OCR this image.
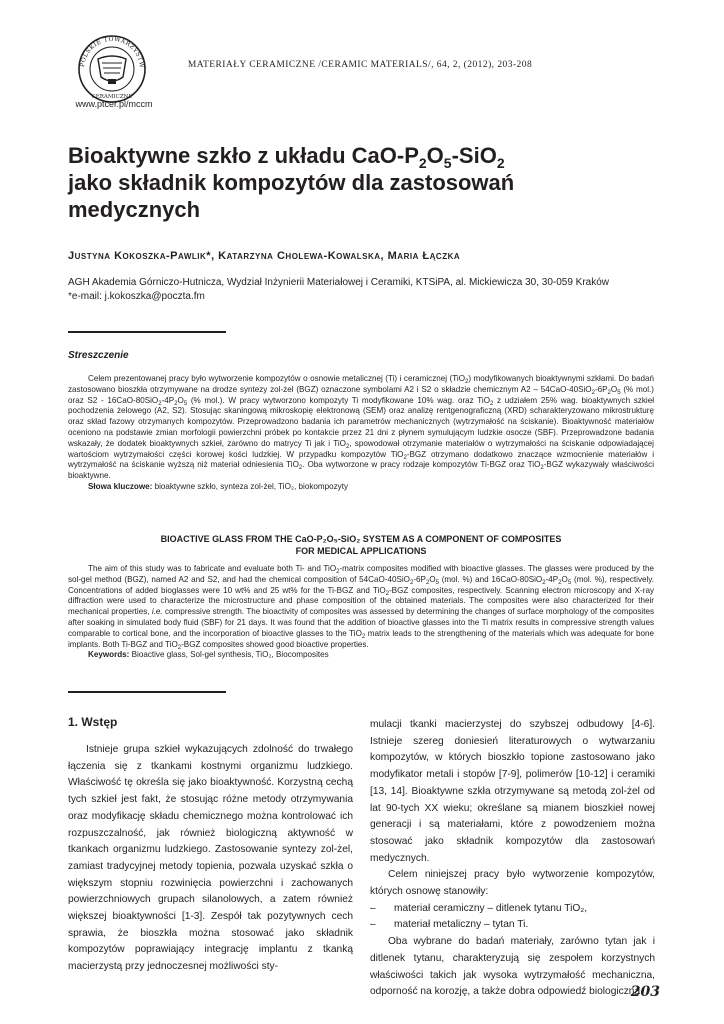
POLSKIE TOWARZYSTW
CERAMICZNE
www.ptcer.pl/mccm
MATERIAŁY CERAMICZNE /CERAMIC MATERIALS/, 64, 2, (2012), 203-208
Bioaktywne szkło z układu CaO-$P_2O_5-SiO_2$
jako składnik kompozytów dla zastosowań
medycznych
Justyna Kokoszka-Pawlik*, Katarzyna Cholewa-Kowalska, Maria Łączka
AGH Akademia Górniczo-Hutnicza, Wydział Inżynierii Materiałowej i Ceramiki, KTSiPA, al. Mickiewicza 30, 30-059 Kraków
*e-mail: j.kokoszka@poczta.fm
Streszczenie

Celem prezentowanej pracy było wytworzenie kompozytów o osnowie metalicznej (Ti) i ceramicznej (TiO$_2$) modyfikowanych bioaktywnymi szkłami. Do badań zastosowano bioszkła otrzymywane na drodze syntezy zol-żel (BGZ) oznaczone symbolami A2 i S2 o składzie chemicznym $A2 - 54CaO-40SiO_2-6P_2O_5$ (% mol.) oraz $S2 - 16CaO-80SiO_2-4P_2O_5$ (% mol.). W pracy wytworzono kompozyty Ti modyfikowane 10% wag. oraz TiO$_2$ z udziałem 25% wag. bioaktywnych szkieł pochodzenia żelowego (A2, S2). Stosując skaningową mikroskopię elektronową (SEM) oraz analizę rentgenograficzną (XRD) scharakteryzowano mikrostrukturę oraz skład fazowy otrzymanych kompozytów. Przeprowadzono badania ich parametrów mechanicznych (wytrzymałość na ściskanie). Bioaktywność materiałów oceniono na podstawie zmian morfologii powierzchni próbek po kontakcie przez 21 dni z płynem symulującym ludzkie osocze (SBF). Przeprowadzone badania wskazały, że dodatek bioaktywnych szkieł, zarówno do matrycy Ti jak i TiO$_2$, spowodował otrzymanie materiałów o wytrzymałości na ściskanie odpowiadającej wartościom wytrzymałości części korowej kości ludzkiej. W przypadku kompozytów TiO$_2$-BGZ otrzymano dodatkowo znaczące wzmocnienie materiałów i wytrzymałość na ściskanie wyższą niż materiał odniesienia TiO$_2$. Oba wytworzone w pracy rodzaje kompozytów Ti-BGZ oraz TiO$_2$-BGZ wykazywały właściwości bioaktywne.

Słowa kluczowe: bioaktywne szkło, synteza zol-żel, TiO₂, biokompozyty

BIOACTIVE GLASS FROM THE CaO-P₂O₅-SiO₂ SYSTEM AS A COMPONENT OF COMPOSITES
FOR MEDICAL APPLICATIONS

The aim of this study was to fabricate and evaluate both Ti- and TiO$_2$-matrix composites modified with bioactive glasses. The glasses were produced by the sol-gel method (BGZ), named A2 and S2, and had the chemical composition of $54CaO-40SiO_2-6P_2O_5$ (mol. %) and $16CaO-80SiO_2-4P_2O_5$ (mol. %), respectively. Concentrations of added bioglasses were 10 wt% and 25 wt% for the Ti-BGZ and TiO$_2$-BGZ composites, respectively. Scanning electron microscopy and X-ray diffraction were used to characterize the microstructure and phase composition of the obtained materials. The composites were also characterized for their mechanical properties, i.e. compressive strength. The bioactivity of composites was assessed by determining the changes of surface morphology of the composites after soaking in simulated body fluid (SBF) for 21 days. It was found that the addition of bioactive glasses into the Ti matrix results in compressive strength values comparable to cortical bone, and the incorporation of bioactive glasses to the TiO$_2$ matrix leads to the strengthening of the materials which was adequate for bone implants. Both Ti-BGZ and TiO$_2$-BGZ composites showed good bioactive properties.

Keywords: Bioactive glass, Sol-gel synthesis, TiO₂, Biocomposites

1. Wstęp

Istnieje grupa szkieł wykazujących zdolność do trwałego łączenia się z tkankami kostnymi organizmu ludzkiego. Właściwość tę określa się jako bioaktywność. Korzystną cechą tych szkieł jest fakt, że stosując różne metody otrzymywania oraz modyfikację składu chemicznego można kontrolować ich rozpuszczalność, jak również biologiczną aktywność w tkankach organizmu ludzkiego. Zastosowanie syntezy zol-żel, zamiast tradycyjnej metody topienia, pozwala uzyskać szkła o większym stopniu rozwinięcia powierzchni i zachowanych powierzchniowych grupach silanolowych, a zatem również większej bioaktywności [1-3]. Zespół tak pozytywnych cech sprawia, że bioszkła można stosować jako składnik kompozytów poprawiający integrację implantu z tkanką macierzystą przy jednoczesnej możliwości sty-

mulacji tkanki macierzystej do szybszej odbudowy [4-6]. Istnieje szereg doniesień literaturowych o wytwarzaniu kompozytów, w których bioszkło topione zastosowano jako modyfikator metali i stopów [7-9], polimerów [10-12] i ceramiki [13, 14]. Bioaktywne szkła otrzymywane są metodą zol-żel od lat 90-tych XX wieku; określane są mianem bioszkieł nowej generacji i są materiałami, które z powodzeniem można stosować jako składnik kompozytów dla zastosowań medycznych.

Celem niniejszej pracy było wytworzenie kompozytów, których osnowę stanowiły:

–	materiał ceramiczny – ditlenek tytanu TiO₂,
–	materiał metaliczny – tytan Ti.

Oba wybrane do badań materiały, zarówno tytan jak i ditlenek tytanu, charakteryzują się zespołem korzystnych właściwości takich jak wysoka wytrzymałość mechaniczna, odporność na korozję, a także dobra odpowiedź biologiczna

203
